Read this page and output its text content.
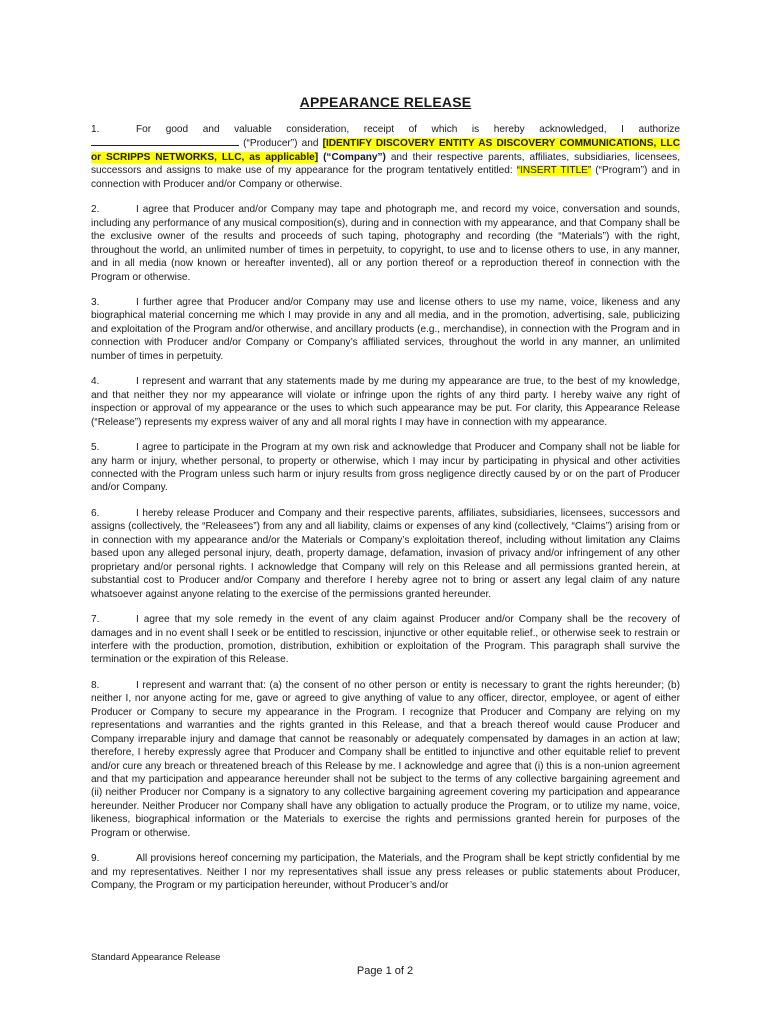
APPEARANCE RELEASE

1.	For good and valuable consideration, receipt of which is hereby acknowledged, I authorize  (“Producer”) and [IDENTIFY DISCOVERY ENTITY AS DISCOVERY COMMUNICATIONS, LLC or SCRIPPS NETWORKS, LLC, as applicable] (“Company”) and their respective parents, affiliates, subsidiaries, licensees, successors and assigns to make use of my appearance for the program tentatively entitled: “INSERT TITLE” (“Program”) and in connection with Producer and/or Company or otherwise.

2.	I agree that Producer and/or Company may tape and photograph me, and record my voice, conversation and sounds, including any performance of any musical composition(s), during and in connection with my appearance, and that Company shall be the exclusive owner of the results and proceeds of such taping, photography and recording (the “Materials”) with the right, throughout the world, an unlimited number of times in perpetuity, to copyright, to use and to license others to use, in any manner, and in all media (now known or hereafter invented), all or any portion thereof or a reproduction thereof in connection with the Program or otherwise.

3.	I further agree that Producer and/or Company may use and license others to use my name, voice, likeness and any biographical material concerning me which I may provide in any and all media, and in the promotion, advertising, sale, publicizing and exploitation of the Program and/or otherwise, and ancillary products (e.g., merchandise), in connection with the Program and in connection with Producer and/or Company or Company’s affiliated services, throughout the world in any manner, an unlimited number of times in perpetuity.

4.	I represent and warrant that any statements made by me during my appearance are true, to the best of my knowledge, and that neither they nor my appearance will violate or infringe upon the rights of any third party. I hereby waive any right of inspection or approval of my appearance or the uses to which such appearance may be put. For clarity, this Appearance Release (“Release”) represents my express waiver of any and all moral rights I may have in connection with my appearance.

5.	I agree to participate in the Program at my own risk and acknowledge that Producer and Company shall not be liable for any harm or injury, whether personal, to property or otherwise, which I may incur by participating in physical and other activities connected with the Program unless such harm or injury results from gross negligence directly caused by or on the part of Producer and/or Company.

6.	I hereby release Producer and Company and their respective parents, affiliates, subsidiaries, licensees, successors and assigns (collectively, the “Releasees”) from any and all liability, claims or expenses of any kind (collectively, “Claims”) arising from or in connection with my appearance and/or the Materials or Company’s exploitation thereof, including without limitation any Claims based upon any alleged personal injury, death, property damage, defamation, invasion of privacy and/or infringement of any other proprietary and/or personal rights. I acknowledge that Company will rely on this Release and all permissions granted herein, at substantial cost to Producer and/or Company and therefore I hereby agree not to bring or assert any legal claim of any nature whatsoever against anyone relating to the exercise of the permissions granted hereunder.

7.	I agree that my sole remedy in the event of any claim against Producer and/or Company shall be the recovery of damages and in no event shall I seek or be entitled to rescission, injunctive or other equitable relief., or otherwise seek to restrain or interfere with the production, promotion, distribution, exhibition or exploitation of the Program. This paragraph shall survive the termination or the expiration of this Release.

8.	I represent and warrant that: (a) the consent of no other person or entity is necessary to grant the rights hereunder; (b) neither I, nor anyone acting for me, gave or agreed to give anything of value to any officer, director, employee, or agent of either Producer or Company to secure my appearance in the Program. I recognize that Producer and Company are relying on my representations and warranties and the rights granted in this Release, and that a breach thereof would cause Producer and Company irreparable injury and damage that cannot be reasonably or adequately compensated by damages in an action at law; therefore, I hereby expressly agree that Producer and Company shall be entitled to injunctive and other equitable relief to prevent and/or cure any breach or threatened breach of this Release by me. I acknowledge and agree that (i) this is a non-union agreement and that my participation and appearance hereunder shall not be subject to the terms of any collective bargaining agreement and (ii) neither Producer nor Company is a signatory to any collective bargaining agreement covering my participation and appearance hereunder. Neither Producer nor Company shall have any obligation to actually produce the Program, or to utilize my name, voice, likeness, biographical information or the Materials to exercise the rights and permissions granted herein for purposes of the Program or otherwise.

9.	All provisions hereof concerning my participation, the Materials, and the Program shall be kept strictly confidential by me and my representatives. Neither I nor my representatives shall issue any press releases or public statements about Producer, Company, the Program or my participation hereunder, without Producer’s and/or

Standard Appearance Release
Page 1 of 2
